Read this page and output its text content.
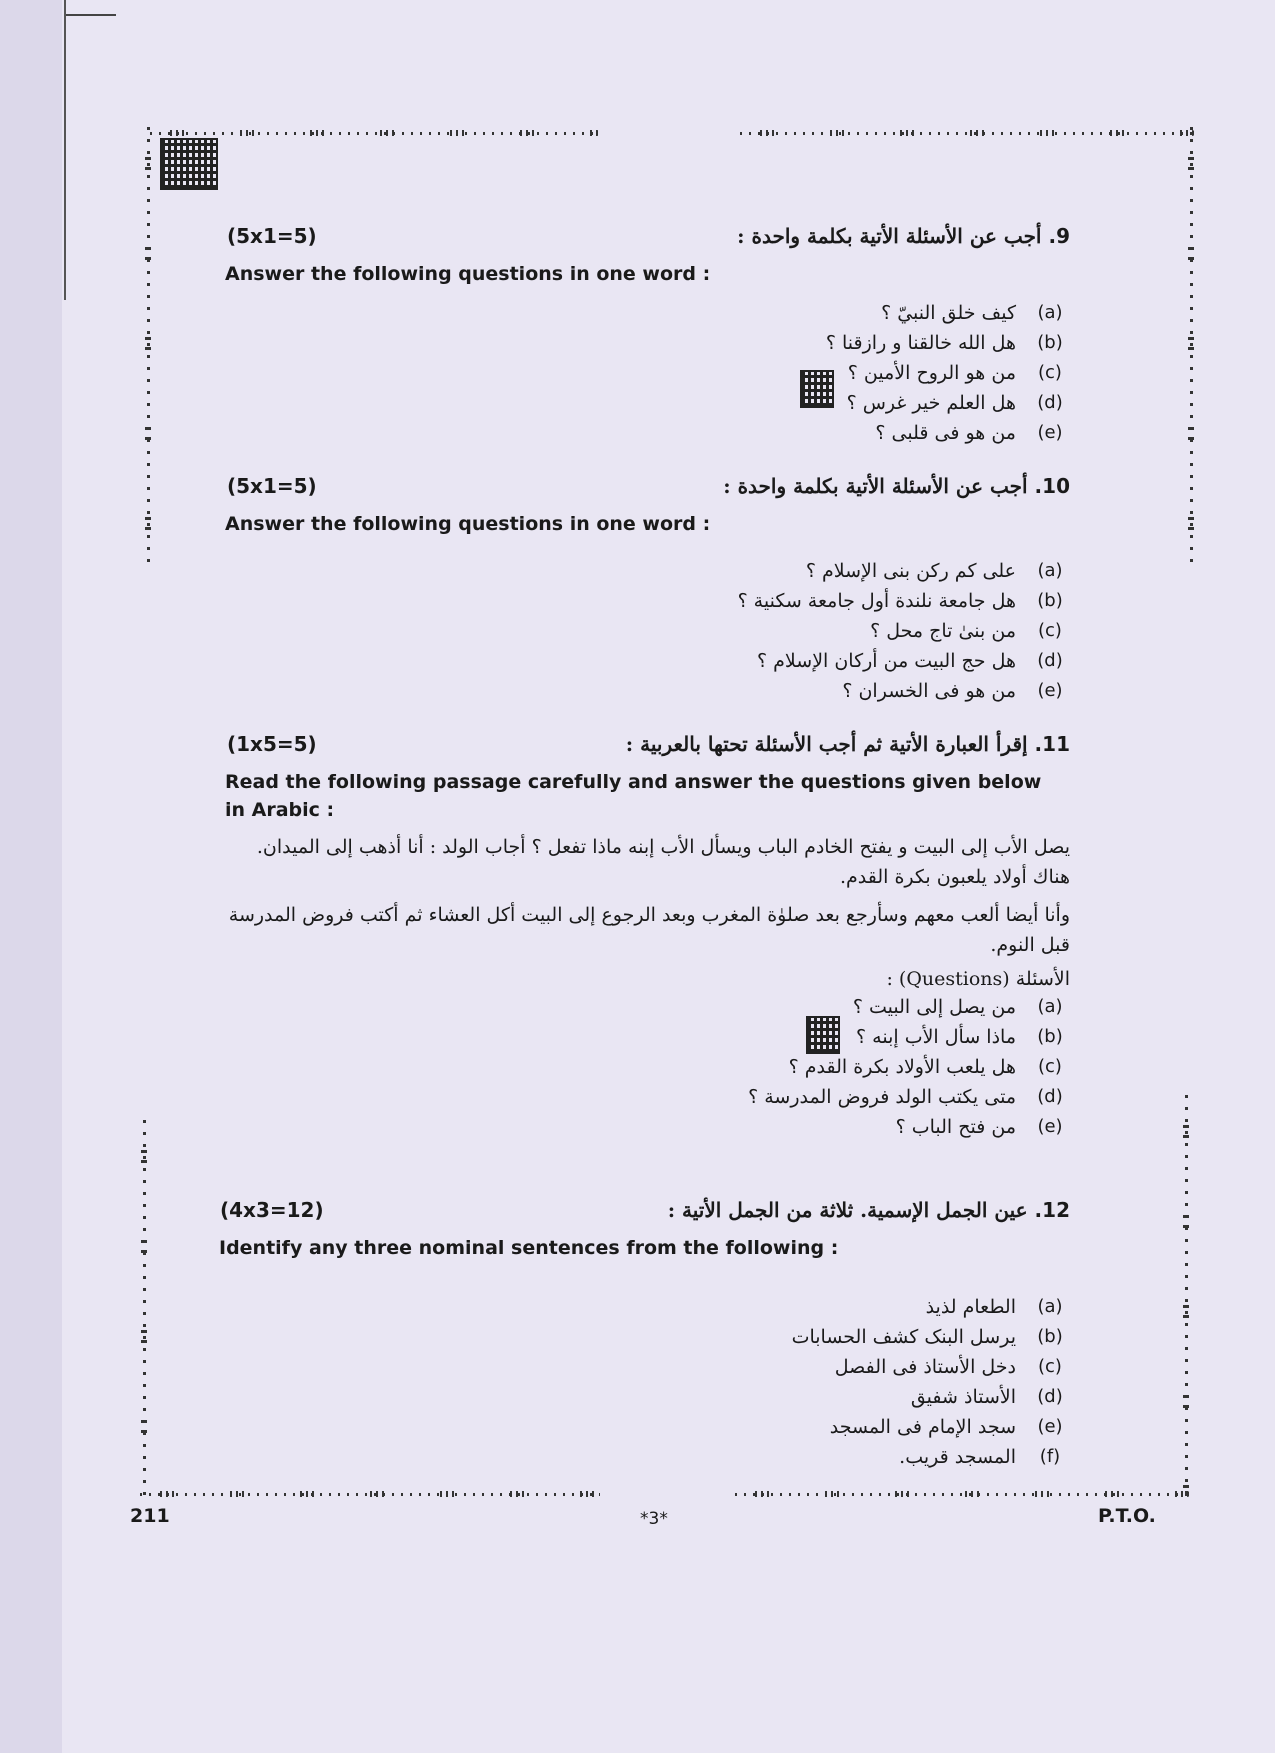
(5x1=5)	9. أجب عن الأسئلة الأتية بكلمة واحدة :
Answer the following questions in one word :
(a)
كيف خلق النبيّ ؟
(b)
هل الله خالقنا و رازقنا ؟
(c)
من هو الروح الأمين ؟
(d)
هل العلم خير غرس ؟
(e)
من هو فى قلبى ؟
(5x1=5)	10. أجب عن الأسئلة الأتية بكلمة واحدة :
Answer the following questions in one word :
(a)
على كم ركن بنى الإسلام ؟
(b)
هل جامعة نلندة أول جامعة سكنية ؟
(c)
من بنىٰ تاج محل ؟
(d)
هل حج البيت من أركان الإسلام ؟
(e)
من هو فى الخسران ؟
(1x5=5)	11. إقرأ العبارة الأتية ثم أجب الأسئلة تحتها بالعربية :
Read the following passage carefully and answer the questions given below in Arabic :

يصل الأب إلى البيت و يفتح الخادم الباب ويسأل الأب إبنه ماذا تفعل ؟ أجاب الولد : أنا أذهب إلى الميدان. هناك أولاد يلعبون بكرة القدم.

وأنا أيضا ألعب معهم وسأرجع بعد صلوٰة المغرب وبعد الرجوع إلى البيت أكل العشاء ثم أكتب فروض المدرسة قبل النوم.

الأسئلة (Questions) :
(a)
من يصل إلى البيت ؟
(b)
ماذا سأل الأب إبنه ؟
(c)
هل يلعب الأولاد بكرة القدم ؟
(d)
متى يكتب الولد فروض المدرسة ؟
(e)
من فتح الباب ؟
(4x3=12)	12. عين الجمل الإسمية. ثلاثة من الجمل الأتية :
Identify any three nominal sentences from the following :
(a)
الطعام لذيذ
(b)
يرسل البنک كشف الحسابات
(c)
دخل الأستاذ فى الفصل
(d)
الأستاذ شفيق
(e)
سجد الإمام فى المسجد
(f)
المسجد قريب.
211	*3*	P.T.O.
